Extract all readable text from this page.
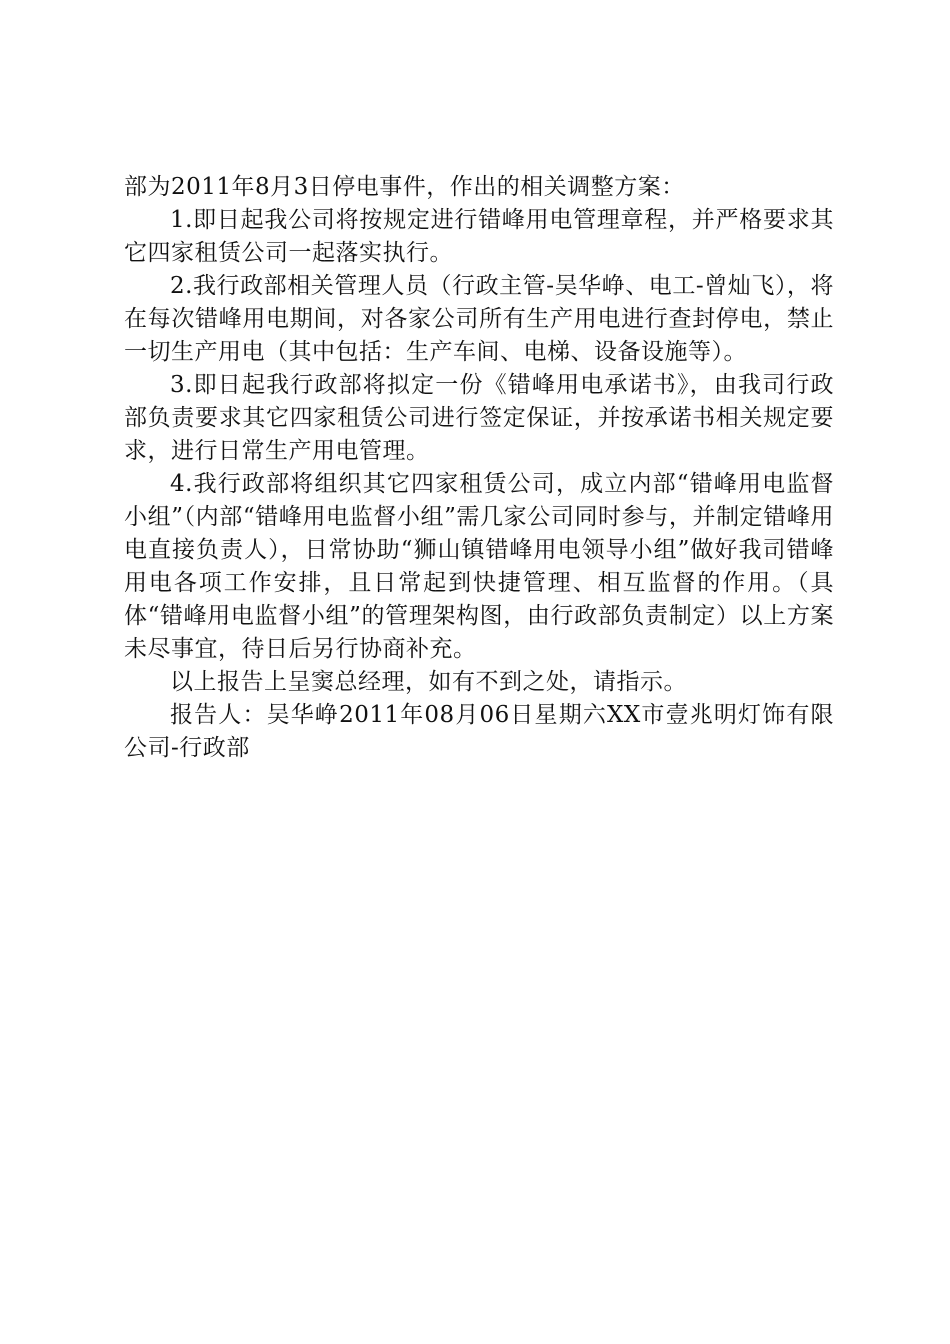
部为2011年8月3日停电事件，作出的相关调整方案：

1.即日起我公司将按规定进行错峰用电管理章程，并严格要求其它四家租赁公司一起落实执行。

2.我行政部相关管理人员（行政主管-吴华峥、电工-曾灿飞），将在每次错峰用电期间，对各家公司所有生产用电进行查封停电，禁止一切生产用电（其中包括：生产车间、电梯、设备设施等）。

3.即日起我行政部将拟定一份《错峰用电承诺书》，由我司行政部负责要求其它四家租赁公司进行签定保证，并按承诺书相关规定要求，进行日常生产用电管理。

4.我行政部将组织其它四家租赁公司，成立内部“错峰用电监督小组”（内部“错峰用电监督小组”需几家公司同时参与，并制定错峰用电直接负责人），日常协助“狮山镇错峰用电领导小组”做好我司错峰用电各项工作安排，且日常起到快捷管理、相互监督的作用。（具体“错峰用电监督小组”的管理架构图，由行政部负责制定）以上方案未尽事宜，待日后另行协商补充。

以上报告上呈窦总经理，如有不到之处，请指示。

报告人：吴华峥2011年08月06日星期六XX市壹兆明灯饰有限公司-行政部
